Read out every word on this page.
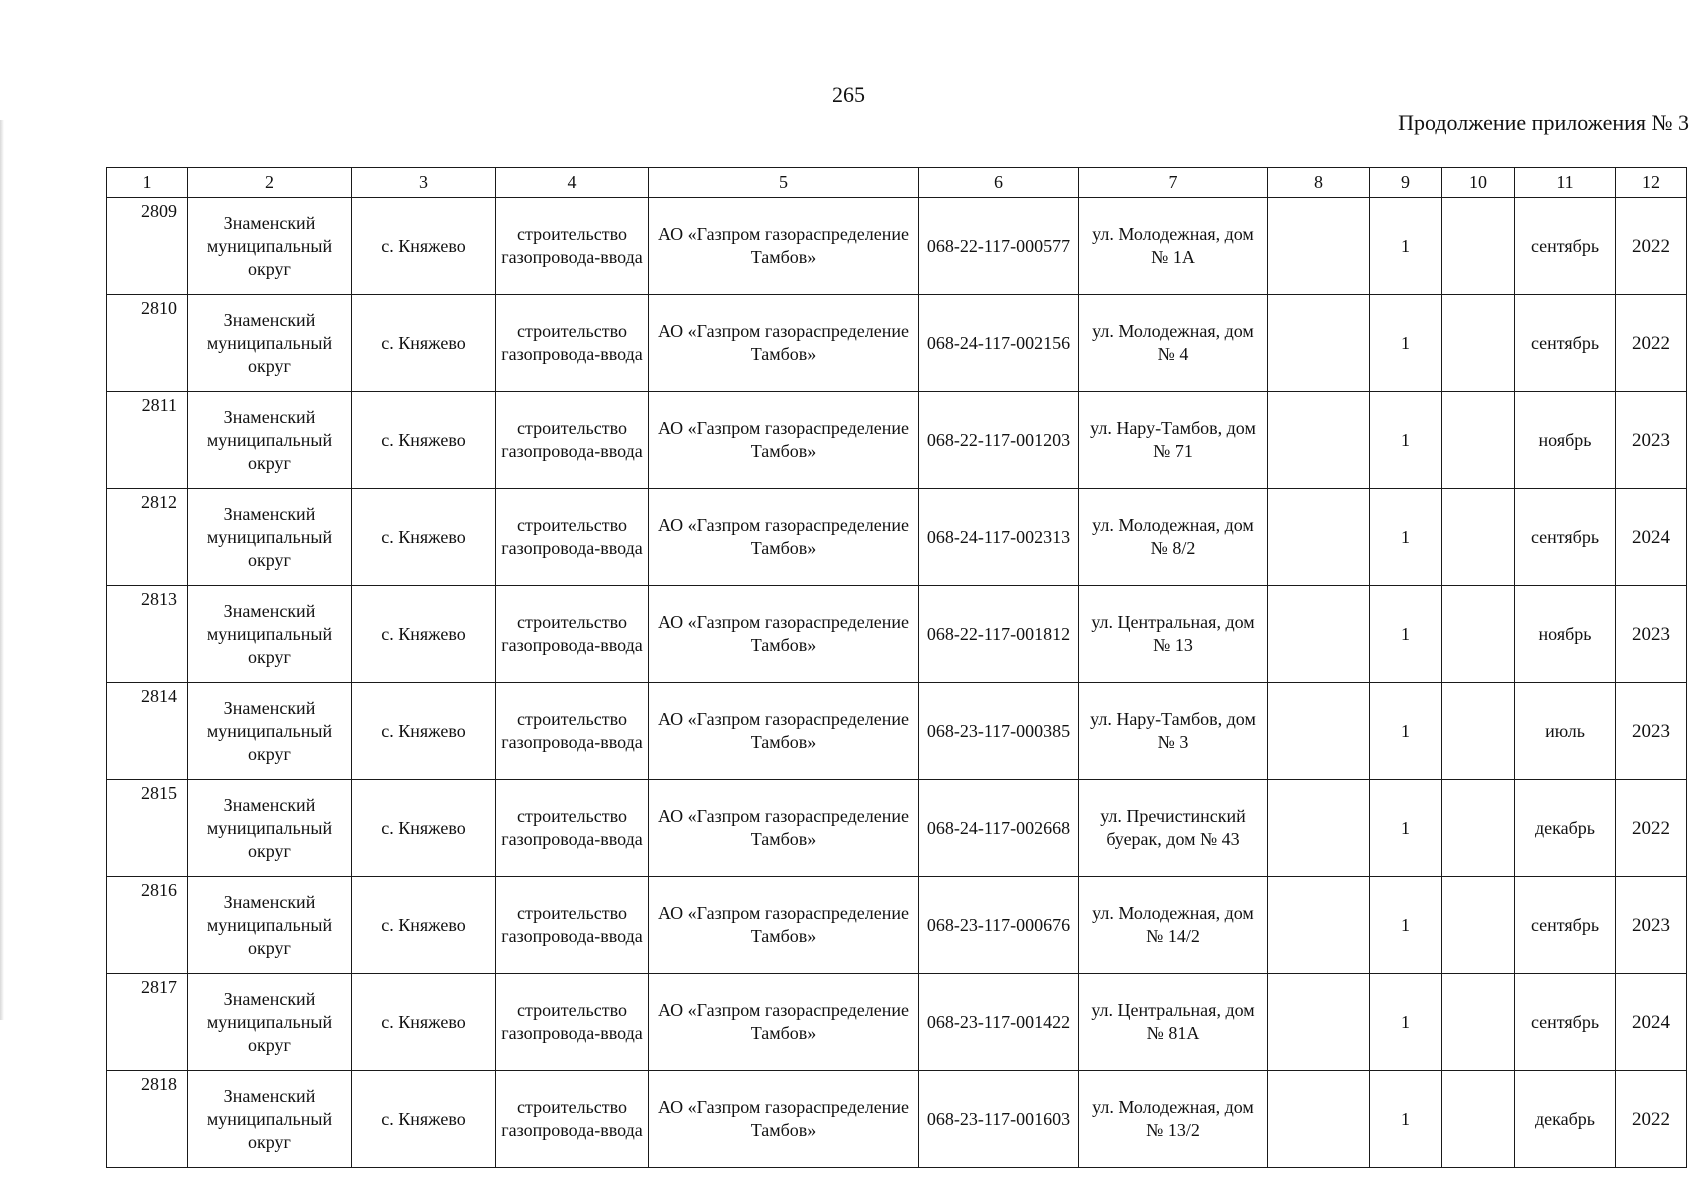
265
Продолжение приложения № 3
1	2	3	4	5	6	7	8	9	10	11	12
2809	Знаменский муниципальный округ	с. Княжево	строительство газопровода-ввода	АО «Газпром газораспределение Тамбов»	068-22-117-000577	ул. Молодежная, дом № 1А		1		сентябрь	2022
2810	Знаменский муниципальный округ	с. Княжево	строительство газопровода-ввода	АО «Газпром газораспределение Тамбов»	068-24-117-002156	ул. Молодежная, дом № 4		1		сентябрь	2022
2811	Знаменский муниципальный округ	с. Княжево	строительство газопровода-ввода	АО «Газпром газораспределение Тамбов»	068-22-117-001203	ул. Нару-Тамбов, дом № 71		1		ноябрь	2023
2812	Знаменский муниципальный округ	с. Княжево	строительство газопровода-ввода	АО «Газпром газораспределение Тамбов»	068-24-117-002313	ул. Молодежная, дом № 8/2		1		сентябрь	2024
2813	Знаменский муниципальный округ	с. Княжево	строительство газопровода-ввода	АО «Газпром газораспределение Тамбов»	068-22-117-001812	ул. Центральная, дом № 13		1		ноябрь	2023
2814	Знаменский муниципальный округ	с. Княжево	строительство газопровода-ввода	АО «Газпром газораспределение Тамбов»	068-23-117-000385	ул. Нару-Тамбов, дом № 3		1		июль	2023
2815	Знаменский муниципальный округ	с. Княжево	строительство газопровода-ввода	АО «Газпром газораспределение Тамбов»	068-24-117-002668	ул. Пречистинский буерак, дом № 43		1		декабрь	2022
2816	Знаменский муниципальный округ	с. Княжево	строительство газопровода-ввода	АО «Газпром газораспределение Тамбов»	068-23-117-000676	ул. Молодежная, дом № 14/2		1		сентябрь	2023
2817	Знаменский муниципальный округ	с. Княжево	строительство газопровода-ввода	АО «Газпром газораспределение Тамбов»	068-23-117-001422	ул. Центральная, дом № 81А		1		сентябрь	2024
2818	Знаменский муниципальный округ	с. Княжево	строительство газопровода-ввода	АО «Газпром газораспределение Тамбов»	068-23-117-001603	ул. Молодежная, дом № 13/2		1		декабрь	2022
